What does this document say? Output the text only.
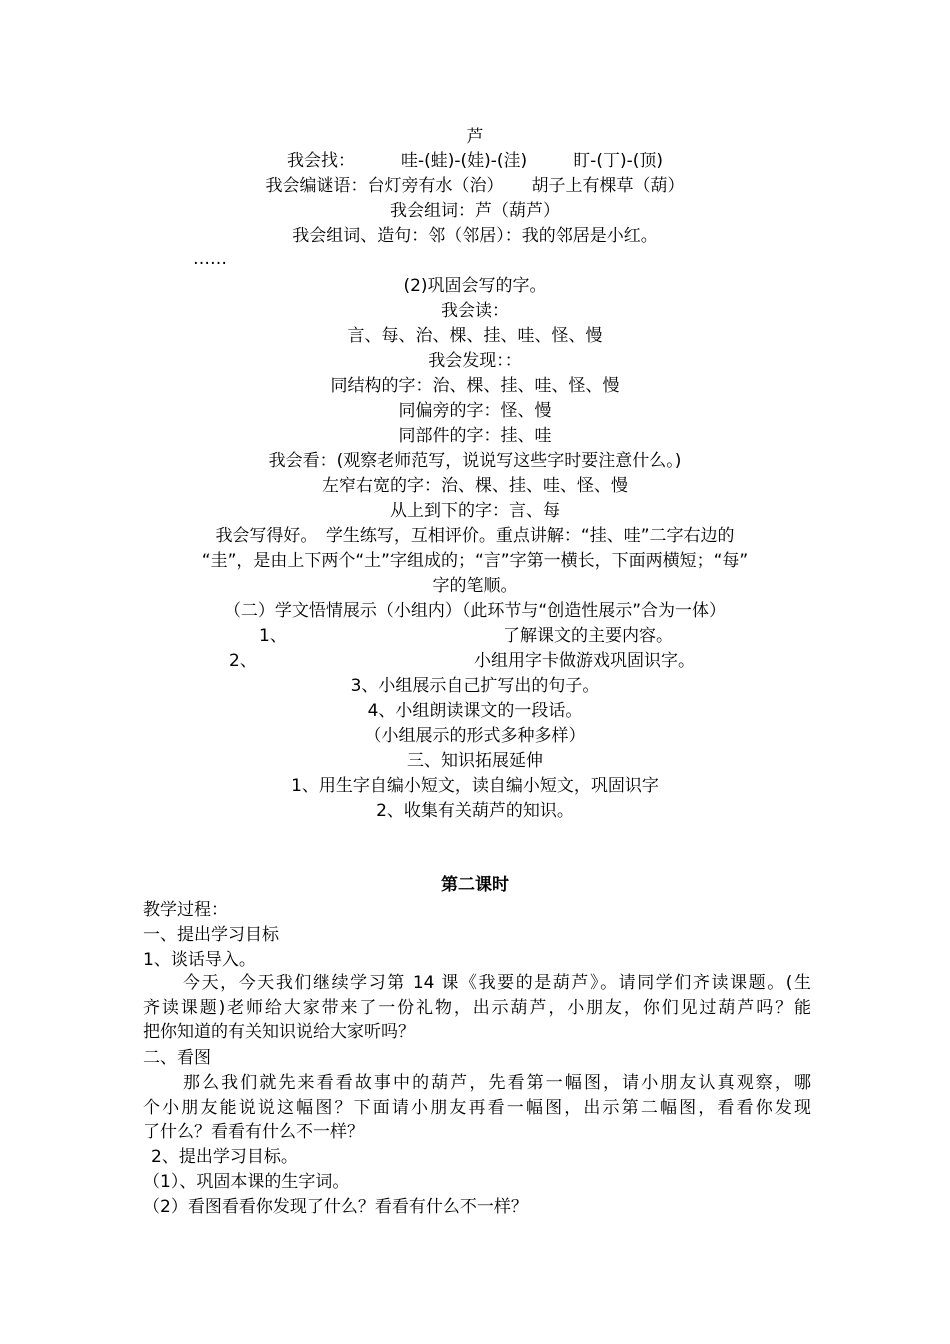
芦
我会找：	哇-(蛙)-(娃)-(洼)	盯-(丁)-(顶)
我会编谜语：台灯旁有水（治） 胡子上有棵草（葫）
我会组词：芦（葫芦）
我会组词、造句：邻（邻居）：我的邻居是小红。
……
(2)巩固会写的字。
我会读：
言、每、治、棵、挂、哇、怪、慢
我会发现：：
同结构的字：治、棵、挂、哇、怪、慢
同偏旁的字：怪、慢
同部件的字：挂、哇
我会看：(观察老师范写，说说写这些字时要注意什么。)
左窄右宽的字：治、棵、挂、哇、怪、慢
从上到下的字：言、每
我会写得好。　学生练写，互相评价。重点讲解：“挂、哇”二字右边的
“圭”，是由上下两个“土”字组成的；“言”字第一横长，下面两横短；“每”
字的笔顺。
（二）学文悟情展示（小组内）（此环节与“创造性展示”合为一体）
1、	了解课文的主要内容。
2、	小组用字卡做游戏巩固识字。
3、小组展示自己扩写出的句子。
4、小组朗读课文的一段话。
（小组展示的形式多种多样）
三、知识拓展延伸
1、用生字自编小短文，读自编小短文，巩固识字
2、收集有关葫芦的知识。
第二课时
教学过程：
一、提出学习目标
1、谈话导入。
今天，今天我们继续学习第 14 课《我要的是葫芦》。请同学们齐读课题。(生
齐读课题)老师给大家带来了一份礼物，出示葫芦，小朋友，你们见过葫芦吗？能
把你知道的有关知识说给大家听吗？
二、看图
那么我们就先来看看故事中的葫芦，先看第一幅图，请小朋友认真观察，哪
个小朋友能说说这幅图？下面请小朋友再看一幅图，出示第二幅图，看看你发现
了什么？看看有什么不一样？
2、提出学习目标。
（1）、巩固本课的生字词。
（2）看图看看你发现了什么？看看有什么不一样？
